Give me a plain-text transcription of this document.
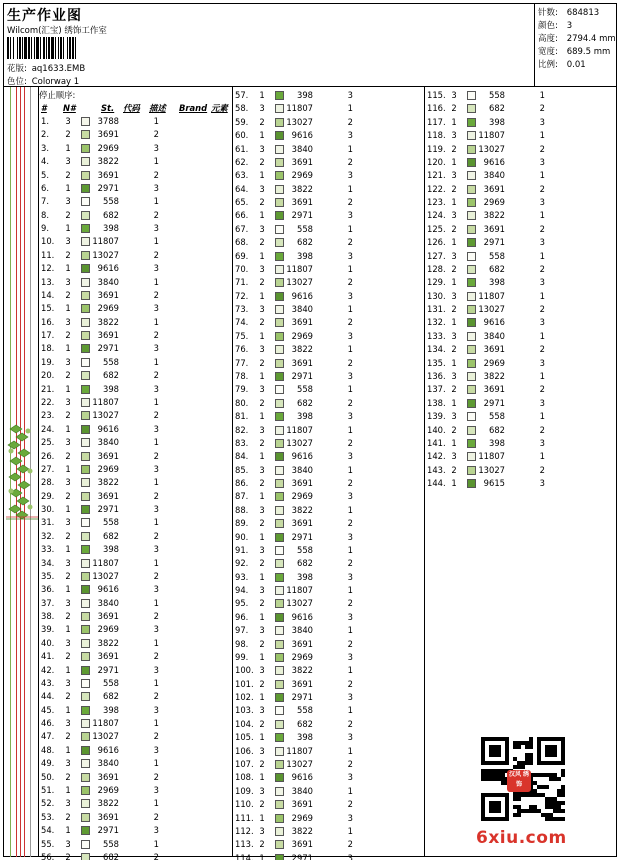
生产作业图
Wilcom(汇宝) 绣饰工作室
花版: aq1633.EMB
色位: Colorway 1
针数: 684813
颜色: 3
高度: 2794.4 mm
宽度: 689.5 mm
比例: 0.01
停止顺序:
# N#	St. 代码 描述 Brand 元素
1.	3	3788	1
2.	2	3691	2
3.	1	2969	3
4.	3	3822	1
5.	2	3691	2
6.	1	2971	3
7.	3	558	1
8.	2	682	2
9.	1	398	3
10.	3	11807	1
11.	2	13027	2
12.	1	9616	3
13.	3	3840	1
14.	2	3691	2
15.	1	2969	3
16.	3	3822	1
17.	2	3691	2
18.	1	2971	3
19.	3	558	1
20.	2	682	2
21.	1	398	3
22.	3	11807	1
23.	2	13027	2
24.	1	9616	3
25.	3	3840	1
26.	2	3691	2
27.	1	2969	3
28.	3	3822	1
29.	2	3691	2
30.	1	2971	3
31.	3	558	1
32.	2	682	2
33.	1	398	3
34.	3	11807	1
35.	2	13027	2
36.	1	9616	3
37.	3	3840	1
38.	2	3691	2
39.	1	2969	3
40.	3	3822	1
41.	2	3691	2
42.	1	2971	3
43.	3	558	1
44.	2	682	2
45.	1	398	3
46.	3	11807	1
47.	2	13027	2
48.	1	9616	3
49.	3	3840	1
50.	2	3691	2
51.	1	2969	3
52.	3	3822	1
53.	2	3691	2
54.	1	2971	3
55.	3	558	1
56.	2	682	2
57.	1	398	3
58.	3	11807	1
59.	2	13027	2
60.	1	9616	3
61.	3	3840	1
62.	2	3691	2
63.	1	2969	3
64.	3	3822	1
65.	2	3691	2
66.	1	2971	3
67.	3	558	1
68.	2	682	2
69.	1	398	3
70.	3	11807	1
71.	2	13027	2
72.	1	9616	3
73.	3	3840	1
74.	2	3691	2
75.	1	2969	3
76.	3	3822	1
77.	2	3691	2
78.	1	2971	3
79.	3	558	1
80.	2	682	2
81.	1	398	3
82.	3	11807	1
83.	2	13027	2
84.	1	9616	3
85.	3	3840	1
86.	2	3691	2
87.	1	2969	3
88.	3	3822	1
89.	2	3691	2
90.	1	2971	3
91.	3	558	1
92.	2	682	2
93.	1	398	3
94.	3	11807	1
95.	2	13027	2
96.	1	9616	3
97.	3	3840	1
98.	2	3691	2
99.	1	2969	3
100. 3	3822	1
101. 2	3691	2
102. 1	2971	3
103. 3	558	1
104. 2	682	2
105. 1	398	3
106. 3	11807	1
107. 2	13027	2
108. 1	9616	3
109. 3	3840	1
110. 2	3691	2
111. 1	2969	3
112. 3	3822	1
113. 2	3691	2
114. 1	2971	3
115. 3	558	1
116. 2	682	2
117. 1	398	3
118. 3	11807	1
119. 2	13027	2
120. 1	9616	3
121. 3	3840	1
122. 2	3691	2
123. 1	2969	3
124. 3	3822	1
125. 2	3691	2
126. 1	2971	3
127. 3	558	1
128. 2	682	2
129. 1	398	3
130. 3	11807	1
131. 2	13027	2
132. 1	9616	3
133. 3	3840	1
134. 2	3691	2
135. 1	2969	3
136. 3	3822	1
137. 2	3691	2
138. 1	2971	3
139. 3	558	1
140. 2	682	2
141. 1	398	3
142. 3	11807	1
143. 2	13027	2
144. 1	9615	3
汉风 绣饰
6xiu.com
